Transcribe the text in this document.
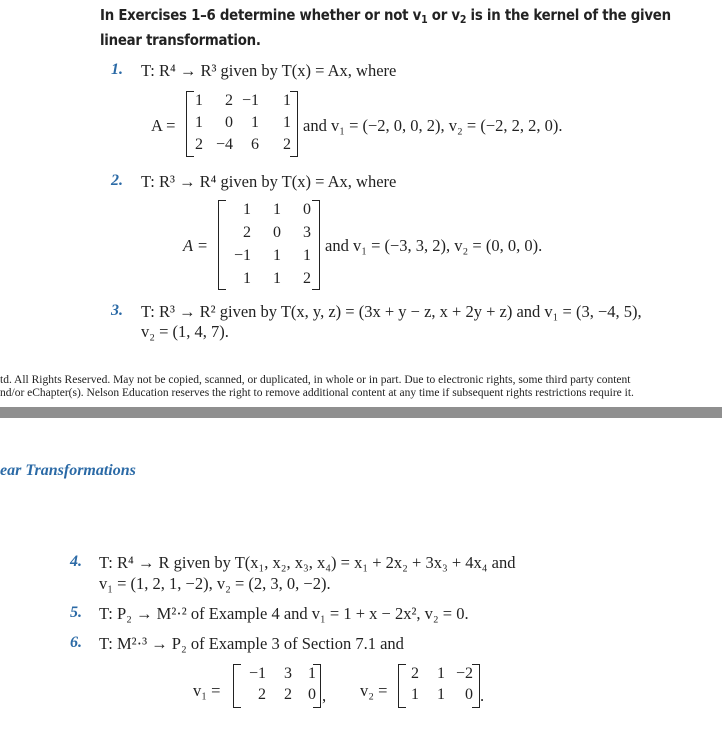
In Exercises 1–6 determine whether or not $v_1$ or $v_2$ is in the kernel of the given
linear transformation.
1. T: R⁴ → R³ given by T(x) = Ax, where
A =
1	2 −1	1
1	0	1	1
2 −4	6	2
and v₁ = (−2, 0, 0, 2), v₂ = (−2, 2, 2, 0).
2. T: R³ → R⁴ given by T(x) = Ax, where
A =
1	1	0
2	0	3
−1	1	1
1	1	2
and v₁ = (−3, 3, 2), v₂ = (0, 0, 0).
3. T: R³ → R² given by T(x, y, z) = (3x + y − z, x + 2y + z) and v₁ = (3, −4, 5),
v₂ = (1, 4, 7).
td. All Rights Reserved. May not be copied, scanned, or duplicated, in whole or in part. Due to electronic rights, some third party content
nd/or eChapter(s). Nelson Education reserves the right to remove additional content at any time if subsequent rights restrictions require it.
ear Transformations
4. T: R⁴ → R given by T(x₁, x₂, x₃, x₄) = x₁ + 2x₂ + 3x₃ + 4x₄ and
v₁ = (1, 2, 1, −2), v₂ = (2, 3, 0, −2).
5. T: P₂ → M²·² of Example 4 and v₁ = 1 + x − 2x², v₂ = 0.
6. T: M²·³ → P₂ of Example 3 of Section 7.1 and
v₁ =
−1	3	1
2	2	0 , v₂ =
2	1 −2
1	1	0 .
